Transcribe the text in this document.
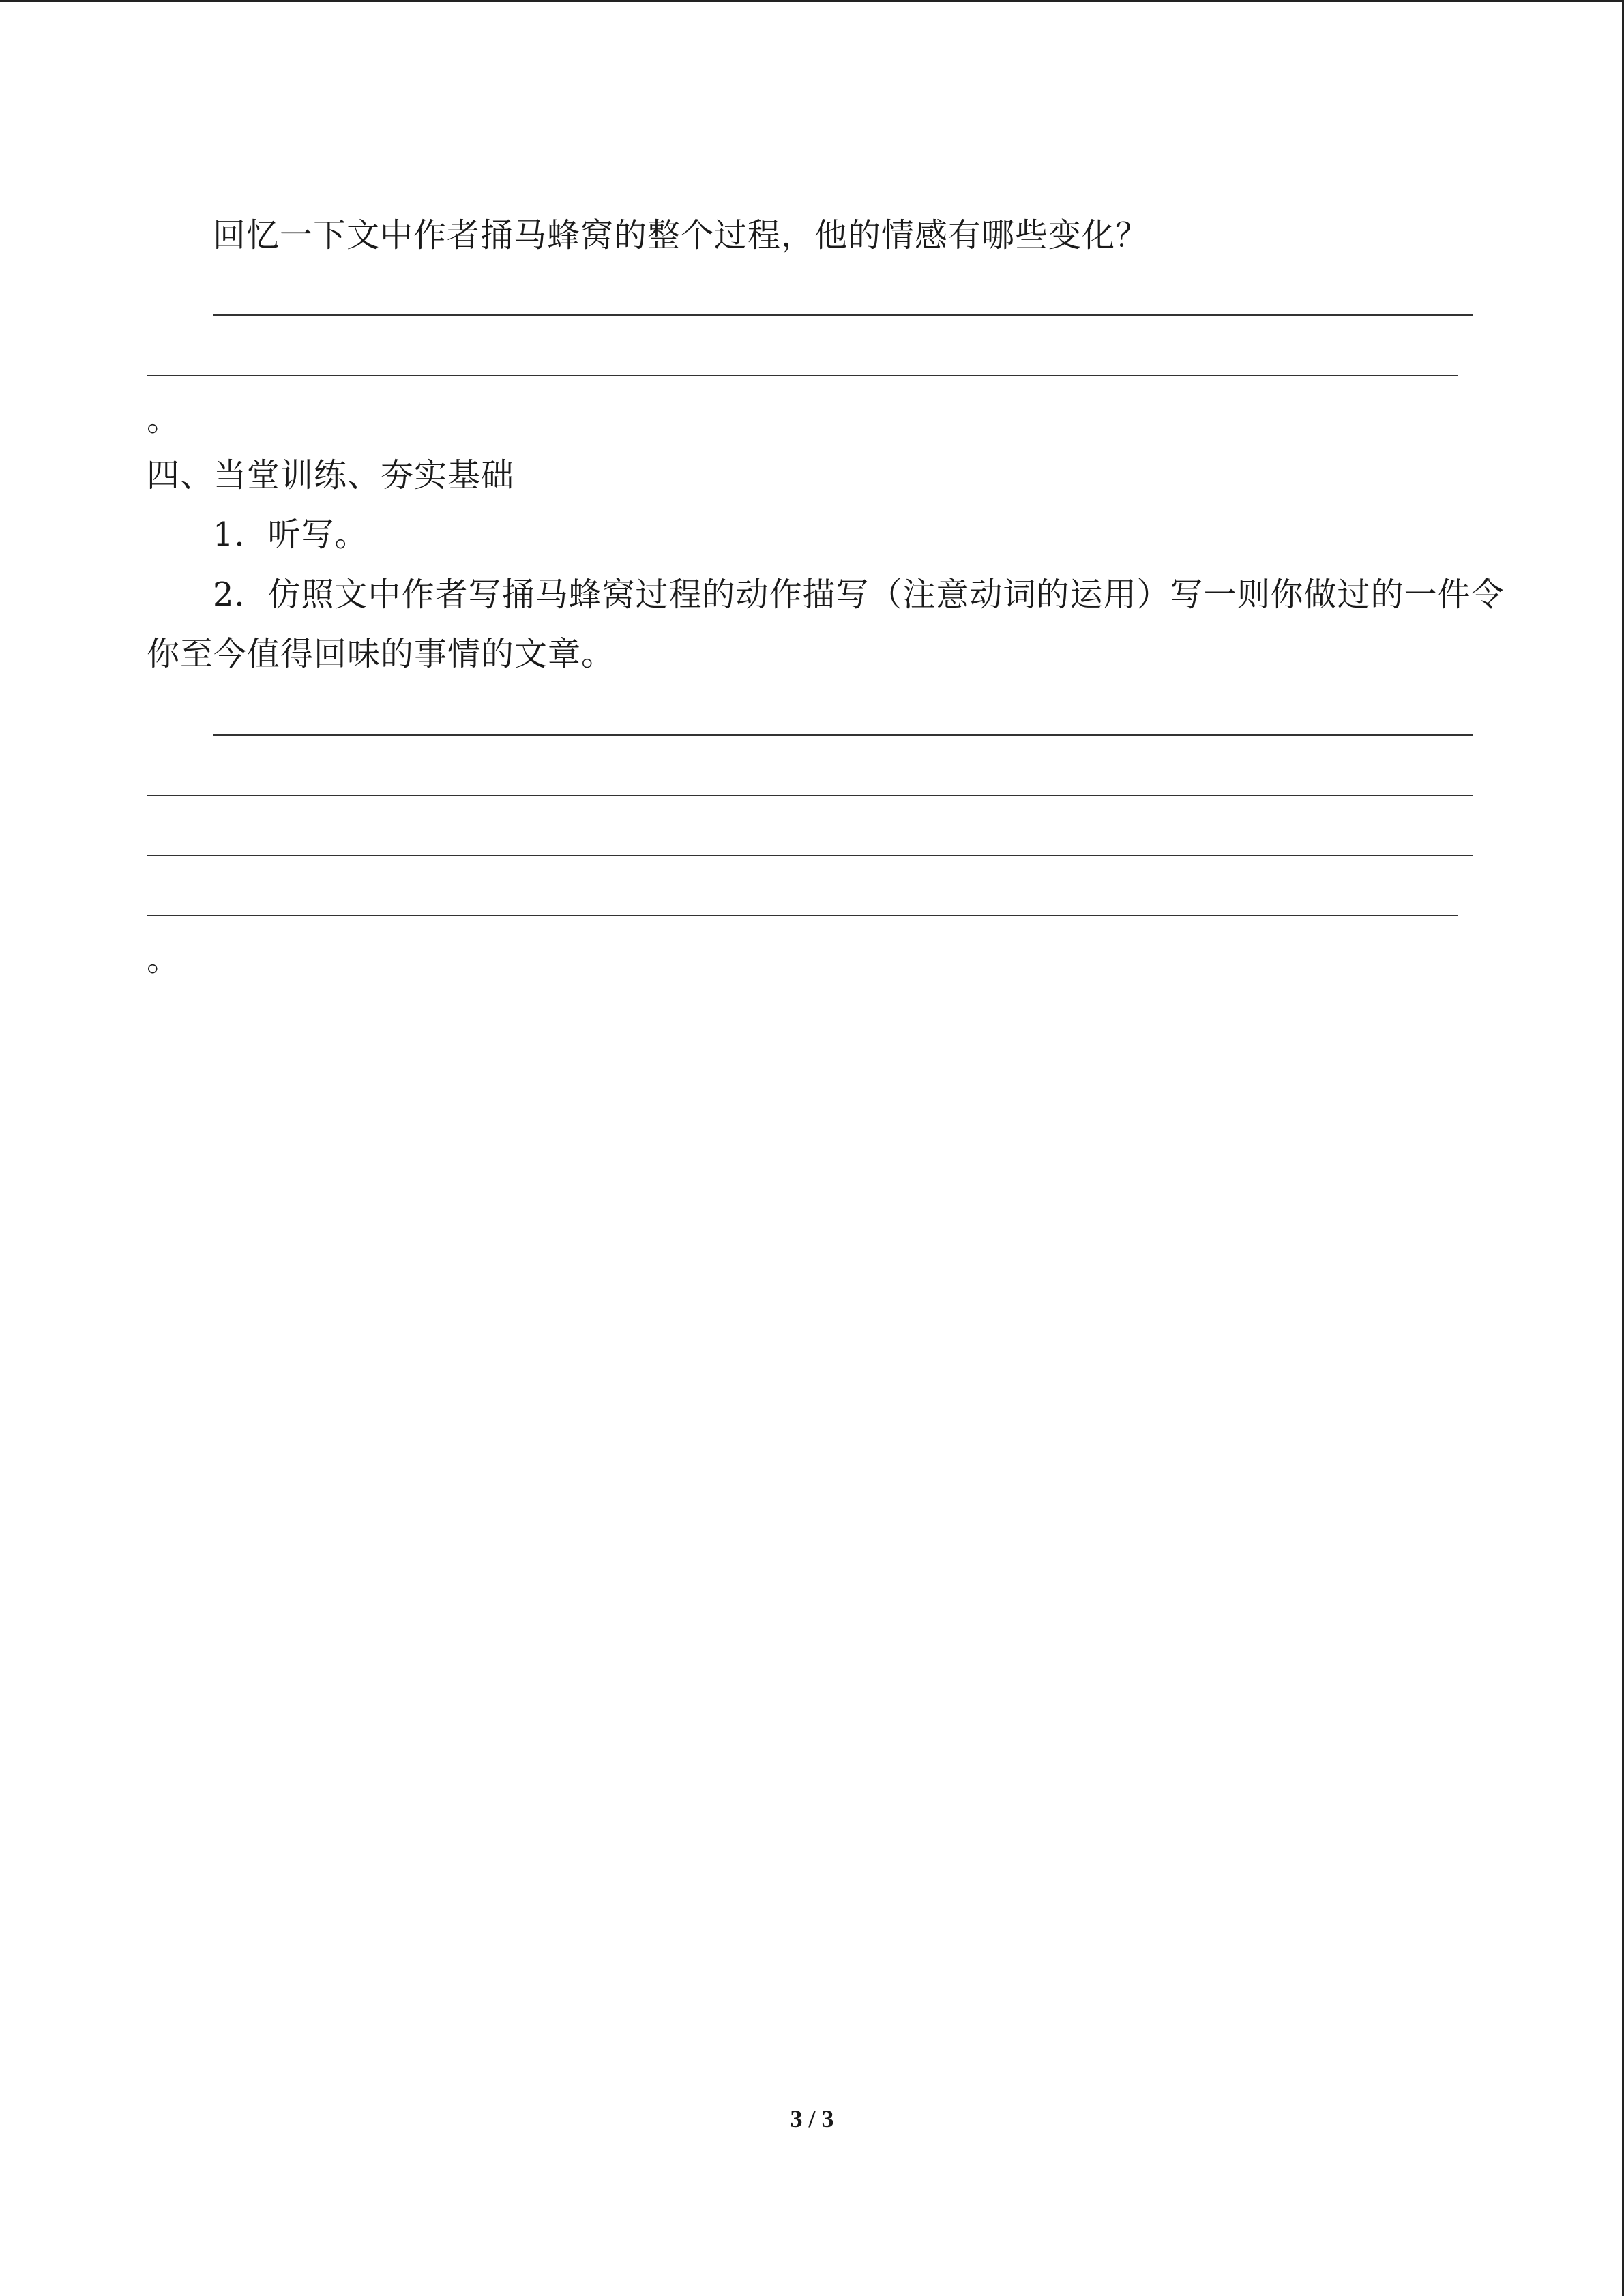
回忆一下文中作者捅马蜂窝的整个过程，他的情感有哪些变化？
。
四、当堂训练、夯实基础
1．听写。
2．仿照文中作者写捅马蜂窝过程的动作描写（注意动词的运用）写一则你做过的一件令
你至今值得回味的事情的文章。
。
3 / 3
